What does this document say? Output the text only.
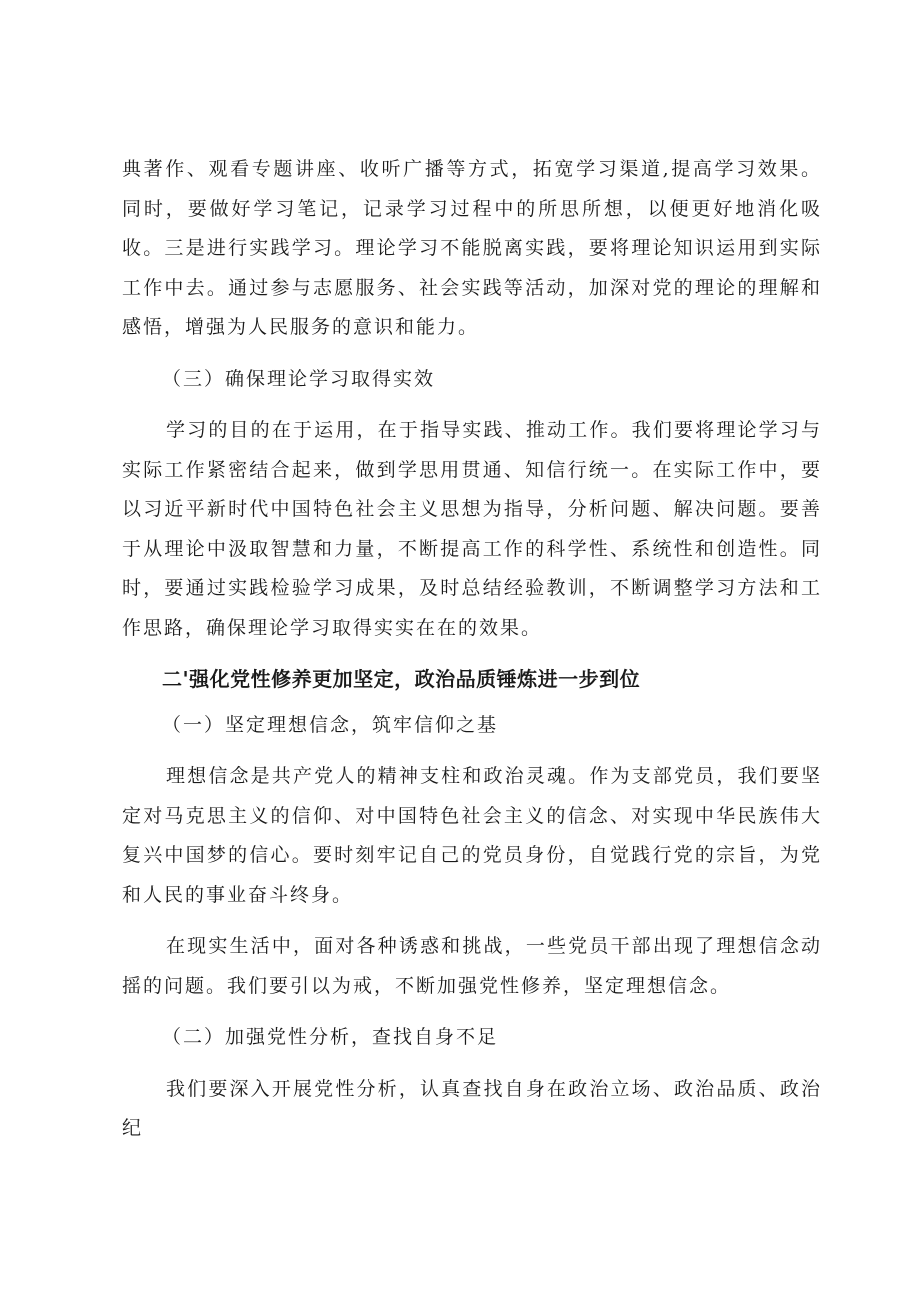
典著作、观看专题讲座、收听广播等方式，拓宽学习渠道,提高学习效果。同时，要做好学习笔记，记录学习过程中的所思所想，以便更好地消化吸收。三是进行实践学习。理论学习不能脱离实践，要将理论知识运用到实际工作中去。通过参与志愿服务、社会实践等活动，加深对党的理论的理解和感悟，增强为人民服务的意识和能力。

（三）确保理论学习取得实效

学习的目的在于运用，在于指导实践、推动工作。我们要将理论学习与实际工作紧密结合起来，做到学思用贯通、知信行统一。在实际工作中，要以习近平新时代中国特色社会主义思想为指导，分析问题、解决问题。要善于从理论中汲取智慧和力量，不断提高工作的科学性、系统性和创造性。同时，要通过实践检验学习成果，及时总结经验教训，不断调整学习方法和工作思路，确保理论学习取得实实在在的效果。

二'强化党性修养更加坚定，政治品质锤炼进一步到位

（一）坚定理想信念，筑牢信仰之基

理想信念是共产党人的精神支柱和政治灵魂。作为支部党员，我们要坚定对马克思主义的信仰、对中国特色社会主义的信念、对实现中华民族伟大复兴中国梦的信心。要时刻牢记自己的党员身份，自觉践行党的宗旨，为党和人民的事业奋斗终身。

在现实生活中，面对各种诱惑和挑战，一些党员干部出现了理想信念动摇的问题。我们要引以为戒，不断加强党性修养，坚定理想信念。

（二）加强党性分析，查找自身不足

我们要深入开展党性分析，认真查找自身在政治立场、政治品质、政治纪
